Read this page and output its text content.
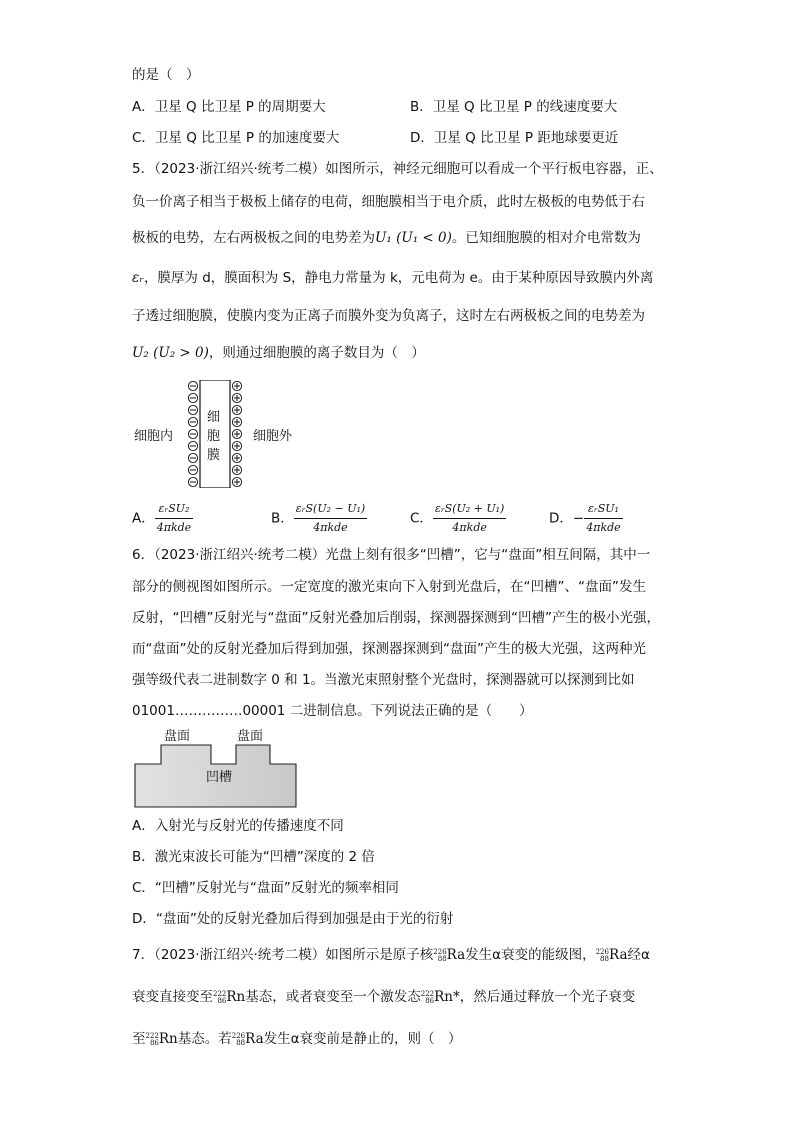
的是（　）
A．卫星 Q 比卫星 P 的周期要大	B．卫星 Q 比卫星 P 的线速度要大
C．卫星 Q 比卫星 P 的加速度要大	D．卫星 Q 比卫星 P 距地球要更近
5．（2023·浙江绍兴·统考二模）如图所示，神经元细胞可以看成一个平行板电容器，正、
负一价离子相当于极板上储存的电荷，细胞膜相当于电介质，此时左极板的电势低于右
极板的电势，左右两极板之间的电势差为U₁ (U₁ < 0)。已知细胞膜的相对介电常数为
εᵣ，膜厚为 d，膜面积为 S，静电力常量为 k，元电荷为 e。由于某种原因导致膜内外离
子透过细胞膜，使膜内变为正离子而膜外变为负离子，这时左右两极板之间的电势差为
U₂ (U₂ > 0)，则通过细胞膜的离子数目为（　）
细胞内	细胞外
细
胞
膜
A． $\frac{\text{εᵣSU₂}}{\text{4πkde}}$	B． $\frac{\text{εᵣS(U₂ − U₁)}}{\text{4πkde}}$	C． $\frac{\text{εᵣS(U₂ + U₁)}}{\text{4πkde}}$	D．− $\frac{\text{εᵣSU₁}}{\text{4πkde}}$
6．（2023·浙江绍兴·统考二模）光盘上刻有很多“凹槽”，它与“盘面”相互间隔，其中一
部分的侧视图如图所示。一定宽度的激光束向下入射到光盘后，在“凹槽”、“盘面”发生
反射，“凹槽”反射光与“盘面”反射光叠加后削弱，探测器探测到“凹槽”产生的极小光强，
而“盘面”处的反射光叠加后得到加强，探测器探测到“盘面”产生的极大光强，这两种光
强等级代表二进制数字 0 和 1。当激光束照射整个光盘时，探测器就可以探测到比如
01001……………00001 二进制信息。下列说法正确的是（　　）
盘面	盘面
凹槽
A．入射光与反射光的传播速度不同
B．激光束波长可能为“凹槽”深度的 2 倍
C．“凹槽”反射光与“盘面”反射光的频率相同
D．“盘面”处的反射光叠加后得到加强是由于光的衍射
7．（2023·浙江绍兴·统考二模）如图所示是原子核 226
88 Ra发生α衰变的能级图， 226
88 Ra经α
衰变直接变至 222
86 Rn基态，或者衰变至一个激发态 222
86 Rn*，然后通过释放一个光子衰变
至 222
86 Rn基态。若 226
88 Ra发生α衰变前是静止的，则（　）
